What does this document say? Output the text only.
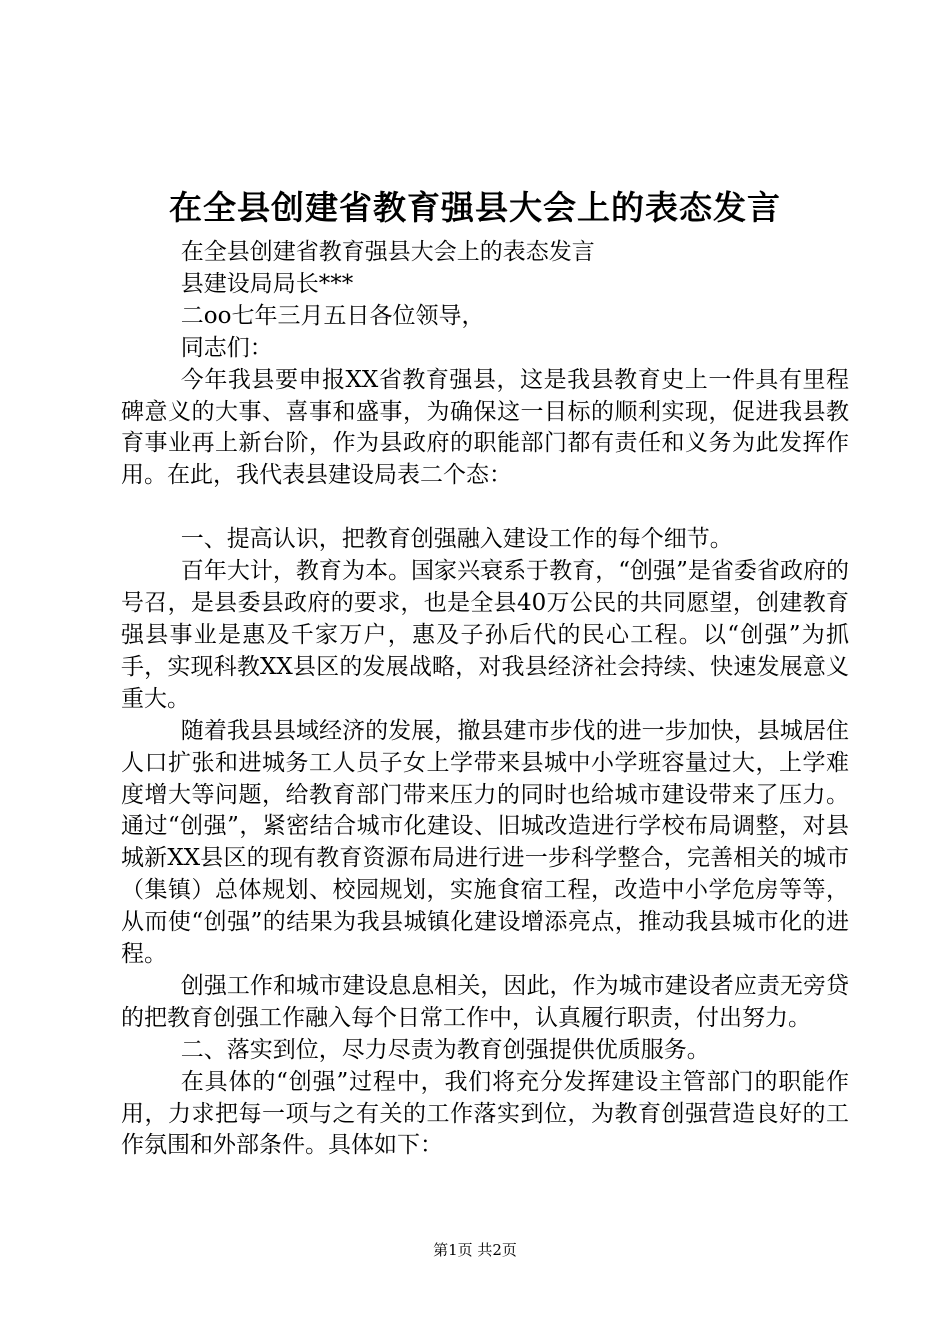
在全县创建省教育强县大会上的表态发言

在全县创建省教育强县大会上的表态发言

县建设局局长***

二oo七年三月五日各位领导，

同志们：

今年我县要申报XX省教育强县，这是我县教育史上一件具有里程碑意义的大事、喜事和盛事，为确保这一目标的顺利实现，促进我县教育事业再上新台阶，作为县政府的职能部门都有责任和义务为此发挥作用。在此，我代表县建设局表二个态：

一、提高认识，把教育创强融入建设工作的每个细节。

百年大计，教育为本。国家兴衰系于教育，“创强”是省委省政府的号召，是县委县政府的要求，也是全县40万公民的共同愿望，创建教育强县事业是惠及千家万户，惠及子孙后代的民心工程。以“创强”为抓手，实现科教XX县区的发展战略，对我县经济社会持续、快速发展意义重大。

随着我县县域经济的发展，撤县建市步伐的进一步加快，县城居住人口扩张和进城务工人员子女上学带来县城中小学班容量过大，上学难度增大等问题，给教育部门带来压力的同时也给城市建设带来了压力。通过“创强”，紧密结合城市化建设、旧城改造进行学校布局调整，对县城新XX县区的现有教育资源布局进行进一步科学整合，完善相关的城市（集镇）总体规划、校园规划，实施食宿工程，改造中小学危房等等，从而使“创强”的结果为我县城镇化建设增添亮点，推动我县城市化的进程。

创强工作和城市建设息息相关，因此，作为城市建设者应责无旁贷的把教育创强工作融入每个日常工作中，认真履行职责，付出努力。

二、落实到位，尽力尽责为教育创强提供优质服务。

在具体的“创强”过程中，我们将充分发挥建设主管部门的职能作用，力求把每一项与之有关的工作落实到位，为教育创强营造良好的工作氛围和外部条件。具体如下：

第1页 共2页
